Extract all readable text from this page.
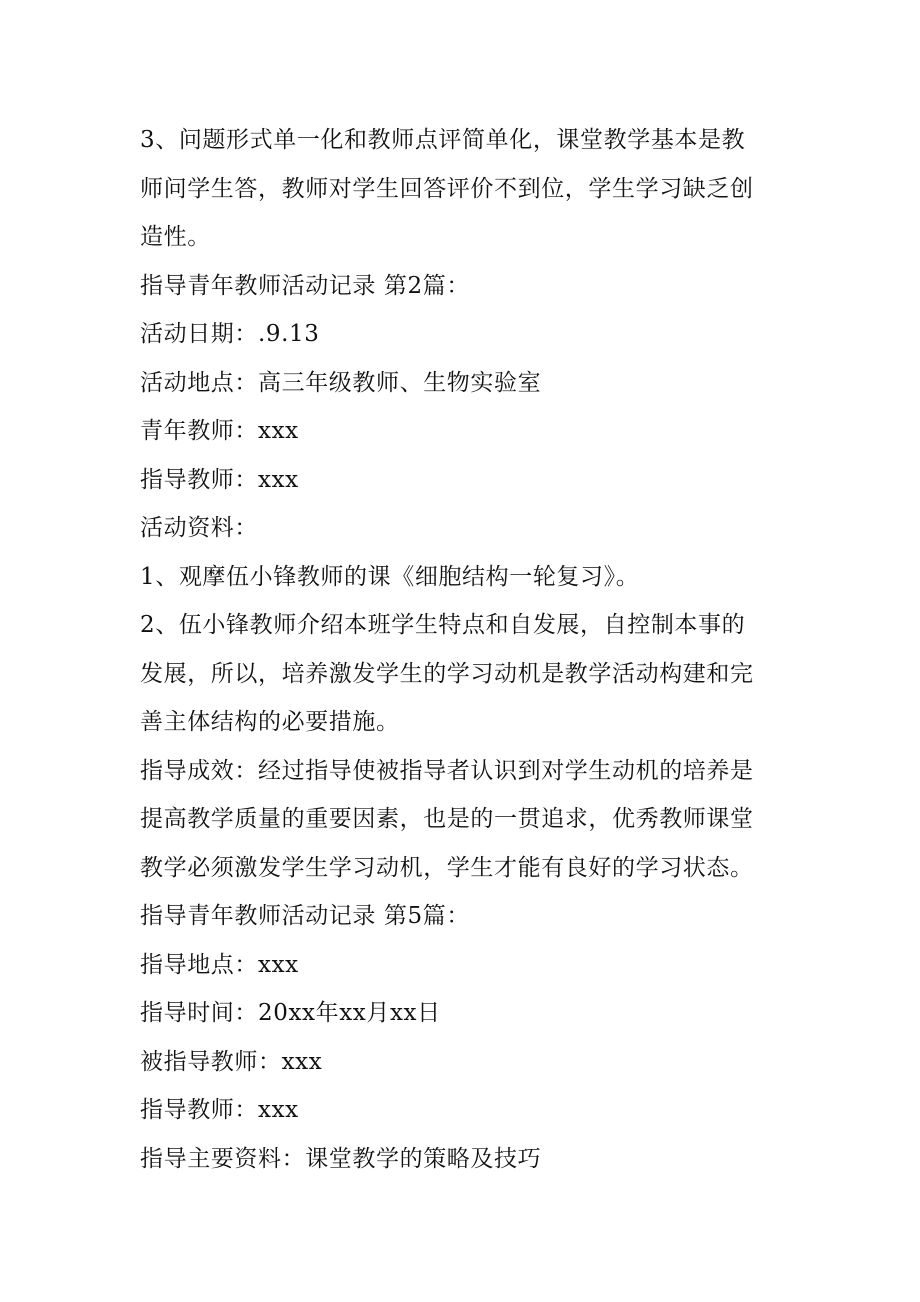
3、问题形式单一化和教师点评简单化，课堂教学基本是教
师问学生答，教师对学生回答评价不到位，学生学习缺乏创
造性。
指导青年教师活动记录 第2篇：
活动日期：.9.13
活动地点：高三年级教师、生物实验室
青年教师：xxx
指导教师：xxx
活动资料：
1、观摩伍小锋教师的课《细胞结构一轮复习》。
2、伍小锋教师介绍本班学生特点和自发展，自控制本事的
发展，所以，培养激发学生的学习动机是教学活动构建和完
善主体结构的必要措施。
指导成效：经过指导使被指导者认识到对学生动机的培养是
提高教学质量的重要因素，也是的一贯追求，优秀教师课堂
教学必须激发学生学习动机，学生才能有良好的学习状态。
指导青年教师活动记录 第5篇：
指导地点：xxx
指导时间：20xx年xx月xx日
被指导教师：xxx
指导教师：xxx
指导主要资料：课堂教学的策略及技巧
